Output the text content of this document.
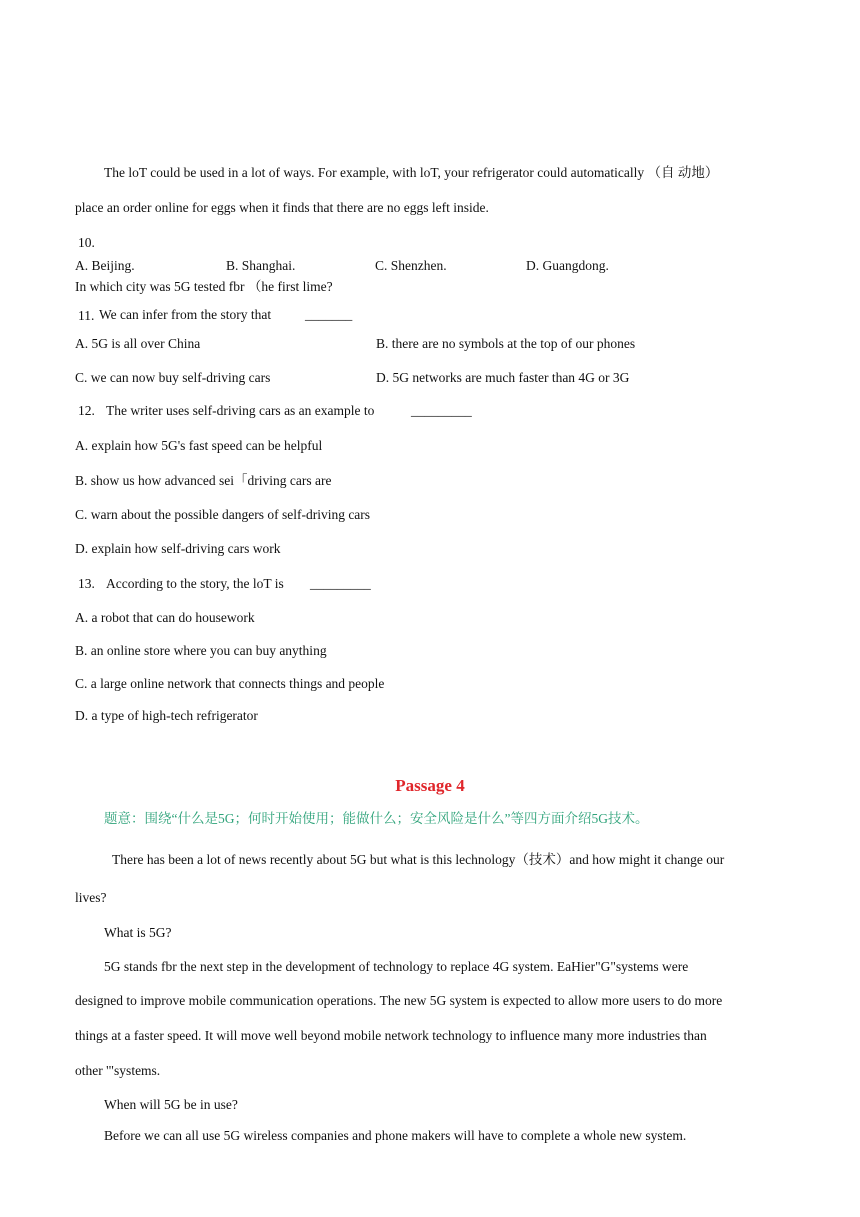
The loT could be used in a lot of ways. For example, with loT, your refrigerator could automatically （自 动地）
place an order online for eggs when it finds that there are no eggs left inside.
10.
A. Beijing.	B. Shanghai.	C. Shenzhen.	D. Guangdong.
In which city was 5G tested fbr （he first lime?
11. We can infer from the story that	_______
A. 5G is all over China	B. there are no symbols at the top of our phones
C. we can now buy self-driving cars	D. 5G networks are much faster than 4G or 3G
12. The writer uses self-driving cars as an example to	_________
A. explain how 5G's fast speed can be helpful
B. show us how advanced sei「driving cars are
C. warn about the possible dangers of self-driving cars
D. explain how self-driving cars work
13. According to the story, the loT is _________
A. a robot that can do housework
B. an online store where you can buy anything
C. a large online network that connects things and people
D. a type of high-tech refrigerator
Passage 4
题意：围绕“什么是5G；何时开始使用；能做什么；安全风险是什么”等四方面介绍5G技术。
There has been a lot of news recently about 5G but what is this lechnology（技术）and how might it change our
lives?
What is 5G?
5G stands fbr the next step in the development of technology to replace 4G system. EaHier"G"systems were
designed to improve mobile communication operations. The new 5G system is expected to allow more users to do more
things at a faster speed. It will move well beyond mobile network technology to influence many more industries than
other '"systems.
When will 5G be in use?
Before we can all use 5G wireless companies and phone makers will have to complete a whole new system.
